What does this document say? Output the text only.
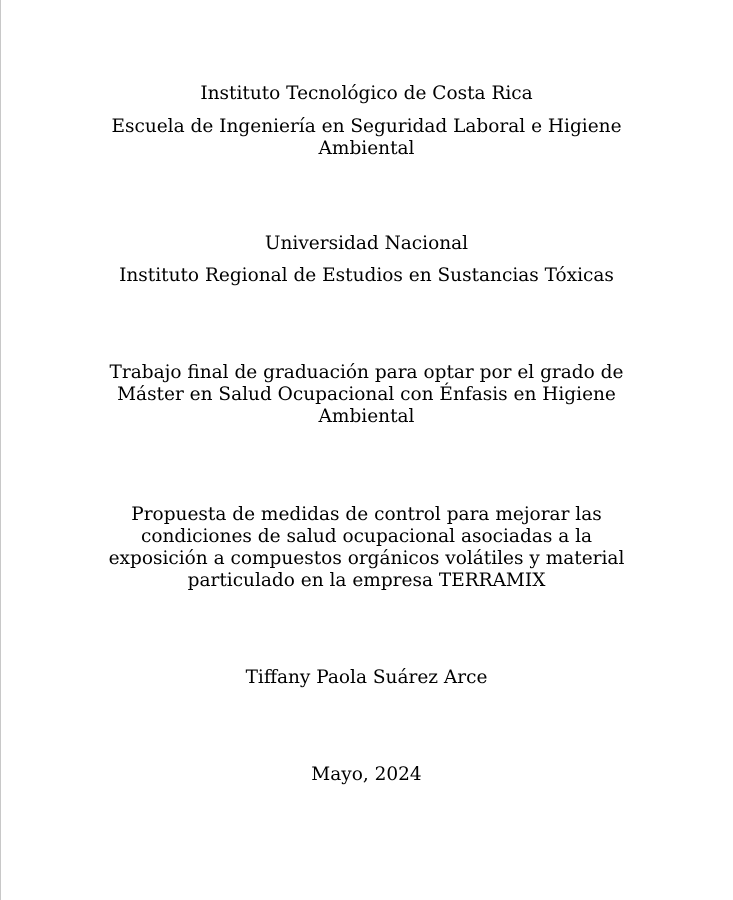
Instituto Tecnológico de Costa Rica
Escuela de Ingeniería en Seguridad Laboral e Higiene
Ambiental
Universidad Nacional
Instituto Regional de Estudios en Sustancias Tóxicas
Trabajo final de graduación para optar por el grado de
Máster en Salud Ocupacional con Énfasis en Higiene
Ambiental
Propuesta de medidas de control para mejorar las
condiciones de salud ocupacional asociadas a la
exposición a compuestos orgánicos volátiles y material
particulado en la empresa TERRAMIX
Tiffany Paola Suárez Arce
Mayo, 2024
